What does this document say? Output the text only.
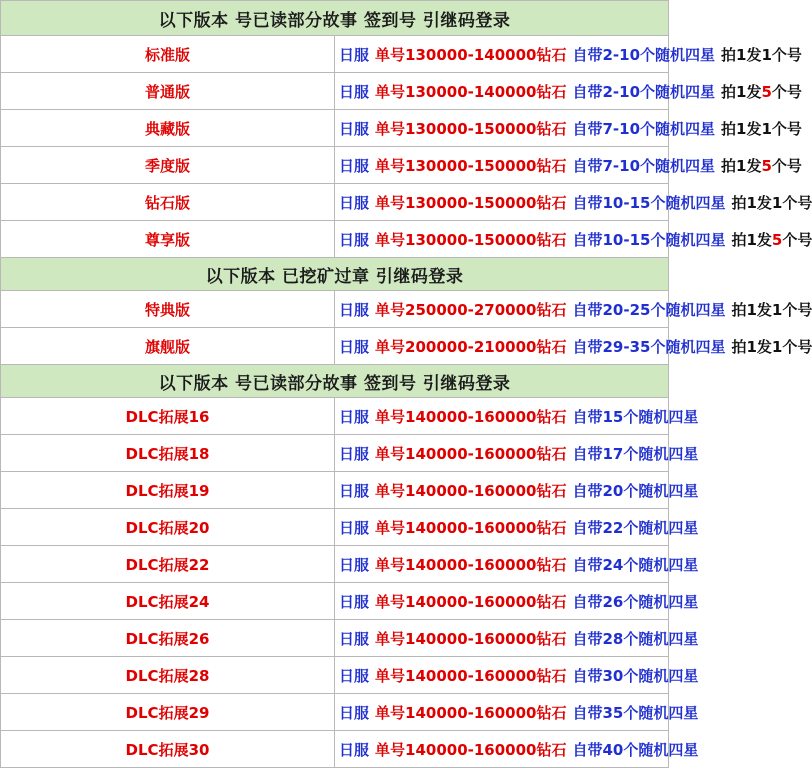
以下版本 号已读部分故事 签到号 引继码登录	
标准版	日服 单号130000-140000钻石 自带2-10个随机四星 拍1发1个号
普通版	日服 单号130000-140000钻石 自带2-10个随机四星 拍1发5个号
典藏版	日服 单号130000-150000钻石 自带7-10个随机四星 拍1发1个号
季度版	日服 单号130000-150000钻石 自带7-10个随机四星 拍1发5个号
钻石版	日服 单号130000-150000钻石 自带10-15个随机四星 拍1发1个号
尊享版	日服 单号130000-150000钻石 自带10-15个随机四星 拍1发5个号
以下版本 已挖矿过章 引继码登录	
特典版	日服 单号250000-270000钻石 自带20-25个随机四星 拍1发1个号
旗舰版	日服 单号200000-210000钻石 自带29-35个随机四星 拍1发1个号
以下版本 号已读部分故事 签到号 引继码登录	
DLC拓展16	日服 单号140000-160000钻石 自带15个随机四星
DLC拓展18	日服 单号140000-160000钻石 自带17个随机四星
DLC拓展19	日服 单号140000-160000钻石 自带20个随机四星
DLC拓展20	日服 单号140000-160000钻石 自带22个随机四星
DLC拓展22	日服 单号140000-160000钻石 自带24个随机四星
DLC拓展24	日服 单号140000-160000钻石 自带26个随机四星
DLC拓展26	日服 单号140000-160000钻石 自带28个随机四星
DLC拓展28	日服 单号140000-160000钻石 自带30个随机四星
DLC拓展29	日服 单号140000-160000钻石 自带35个随机四星
DLC拓展30	日服 单号140000-160000钻石 自带40个随机四星
